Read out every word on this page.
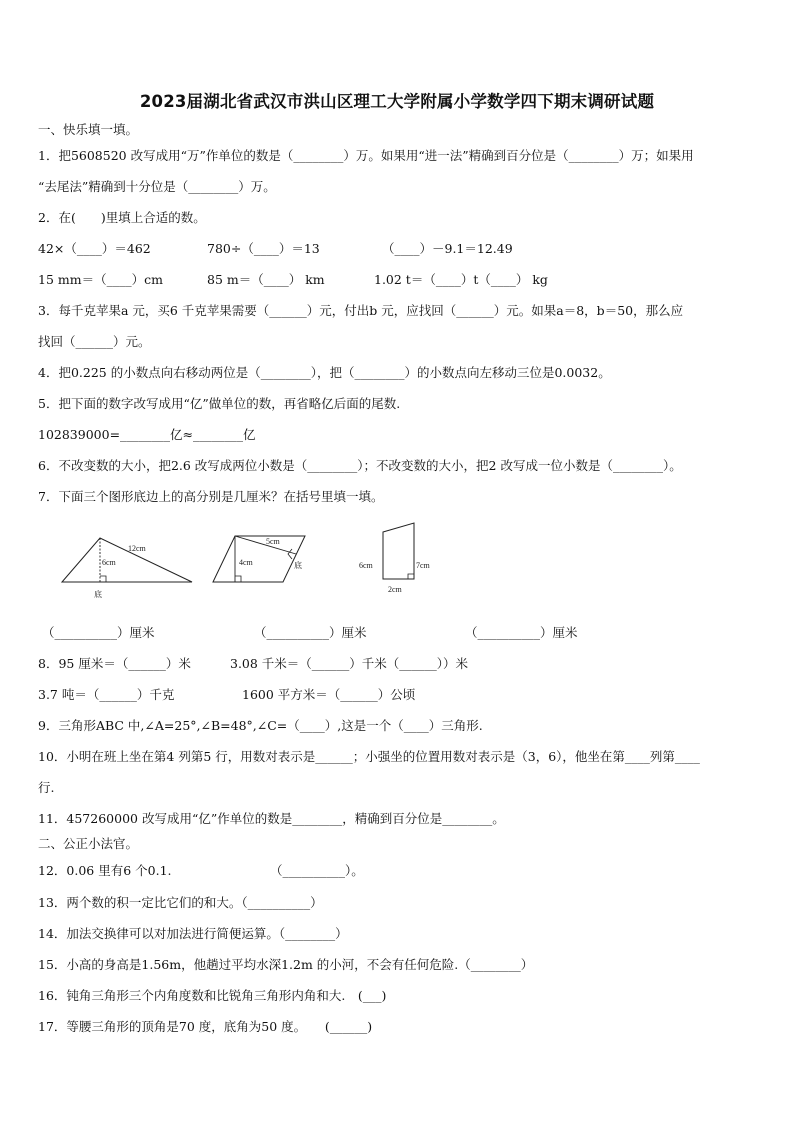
2023届湖北省武汉市洪山区理工大学附属小学数学四下期末调研试题
一、快乐填一填。
1．把5608520 改写成用“万”作单位的数是（________）万。如果用“进一法”精确到百分位是（________）万；如果用
“去尾法”精确到十分位是（________）万。
2．在(　　)里填上合适的数。
42×（____）＝462	780÷（____）＝13	（____）－9.1＝12.49
15 mm＝（____）cm	85 m＝（____） km	1.02 t＝（____）t（____） kg
3．每千克苹果a 元，买6 千克苹果需要（______）元，付出b 元，应找回（______）元。如果a＝8，b＝50，那么应
找回（______）元。
4．把0.225 的小数点向右移动两位是（________），把（________）的小数点向左移动三位是0.0032。
5．把下面的数字改写成用“亿”做单位的数，再省略亿后面的尾数.
102839000=________亿≈________亿
6．不改变数的大小，把2.6 改写成两位小数是（________）；不改变数的大小，把2 改写成一位小数是（________）。
7．下面三个图形底边上的高分别是几厘米？在括号里填一填。
12cm
6cm
底
5cm
4cm	底	6cm	7cm
2cm
（__________）厘米	（__________）厘米	（__________）厘米
8．95 厘米＝（______）米	3.08 千米＝（______）千米（______））米
3.7 吨＝（______）千克	1600 平方米＝（______）公顷
9．三角形ABC 中,∠A=25°,∠B=48°,∠C=（____）,这是一个（____）三角形.
10．小明在班上坐在第4 列第5 行，用数对表示是______；小强坐的位置用数对表示是（3，6），他坐在第____列第____
行.
11．457260000 改写成用“亿”作单位的数是________，精确到百分位是________。
二、公正小法官。
12．0.06 里有6 个0.1.	（__________）。
13．两个数的积一定比它们的和大。（__________）
14．加法交换律可以对加法进行简便运算。（________）
15．小高的身高是1.56m，他趟过平均水深1.2m 的小河，不会有任何危险.（________）
16．钝角三角形三个内角度数和比锐角三角形内角和大.　(___)
17．等腰三角形的顶角是70 度，底角为50 度。　　(______)
